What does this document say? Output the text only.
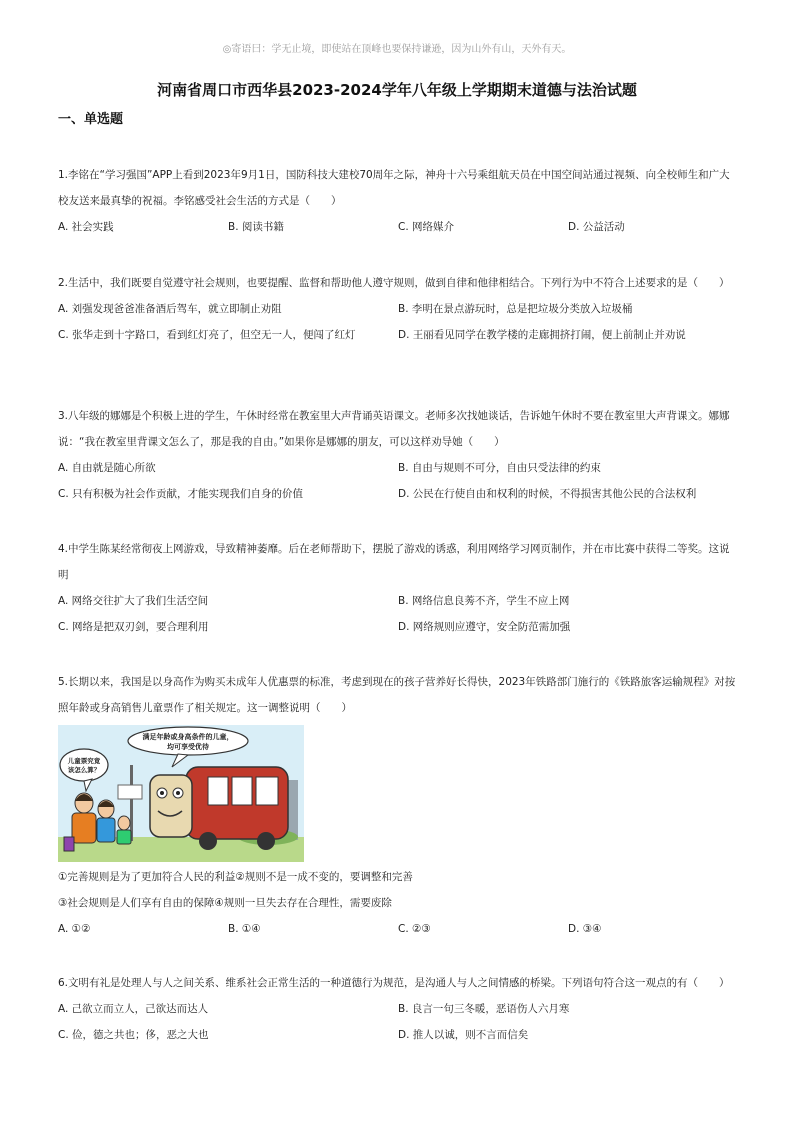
◎寄语曰：学无止境，即使站在顶峰也要保持谦逊，因为山外有山，天外有天。
河南省周口市西华县2023-2024学年八年级上学期期末道德与法治试题
一、单选题

1.李铭在“学习强国”APP上看到2023年9月1日，国防科技大建校70周年之际，神舟十六号乘组航天员在中国空间站通过视频、向全校师生和广大校友送来最真挚的祝福。李铭感受社会生活的方式是（　　）

A. 社会实践	B. 阅读书籍	C. 网络媒介	D. 公益活动

2.生活中，我们既要自觉遵守社会规则，也要提醒、监督和帮助他人遵守规则，做到自律和他律相结合。下列行为中不符合上述要求的是（　　）

A. 刘强发现爸爸准备酒后驾车，就立即制止劝阻	B. 李明在景点游玩时，总是把垃圾分类放入垃圾桶
C. 张华走到十字路口，看到红灯亮了，但空无一人，便闯了红灯	D. 王丽看见同学在教学楼的走廊拥挤打闹，便上前制止并劝说

3.八年级的娜娜是个积极上进的学生，午休时经常在教室里大声背诵英语课文。老师多次找她谈话，告诉她午休时不要在教室里大声背课文。娜娜说：“我在教室里背课文怎么了，那是我的自由。”如果你是娜娜的朋友，可以这样劝导她（　　）

A. 自由就是随心所欲	B. 自由与规则不可分，自由只受法律的约束
C. 只有积极为社会作贡献，才能实现我们自身的价值	D. 公民在行使自由和权利的时候，不得损害其他公民的合法权利

4.中学生陈某经常彻夜上网游戏，导致精神萎靡。后在老师帮助下，摆脱了游戏的诱惑，利用网络学习网页制作，并在市比赛中获得二等奖。这说明

A. 网络交往扩大了我们生活空间	B. 网络信息良莠不齐，学生不应上网
C. 网络是把双刃剑，要合理利用	D. 网络规则应遵守，安全防范需加强

5.长期以来，我国是以身高作为购买未成年人优惠票的标准，考虑到现在的孩子营养好长得快，2023年铁路部门施行的《铁路旅客运输规程》对按照年龄或身高销售儿童票作了相关规定。这一调整说明（　　）

满足年龄或身高条件的儿童，
均可享受优待
儿童票究竟
该怎么算？

①完善规则是为了更加符合人民的利益②规则不是一成不变的，要调整和完善

③社会规则是人们享有自由的保障④规则一旦失去存在合理性，需要废除

A. ①②	B. ①④	C. ②③	D. ③④

6.文明有礼是处理人与人之间关系、维系社会正常生活的一种道德行为规范，是沟通人与人之间情感的桥梁。下列语句符合这一观点的有（　　）

A. 己欲立而立人，己欲达而达人	B. 良言一句三冬暖，恶语伤人六月寒
C. 俭，德之共也；侈，恶之大也	D. 推人以诚，则不言而信矣
